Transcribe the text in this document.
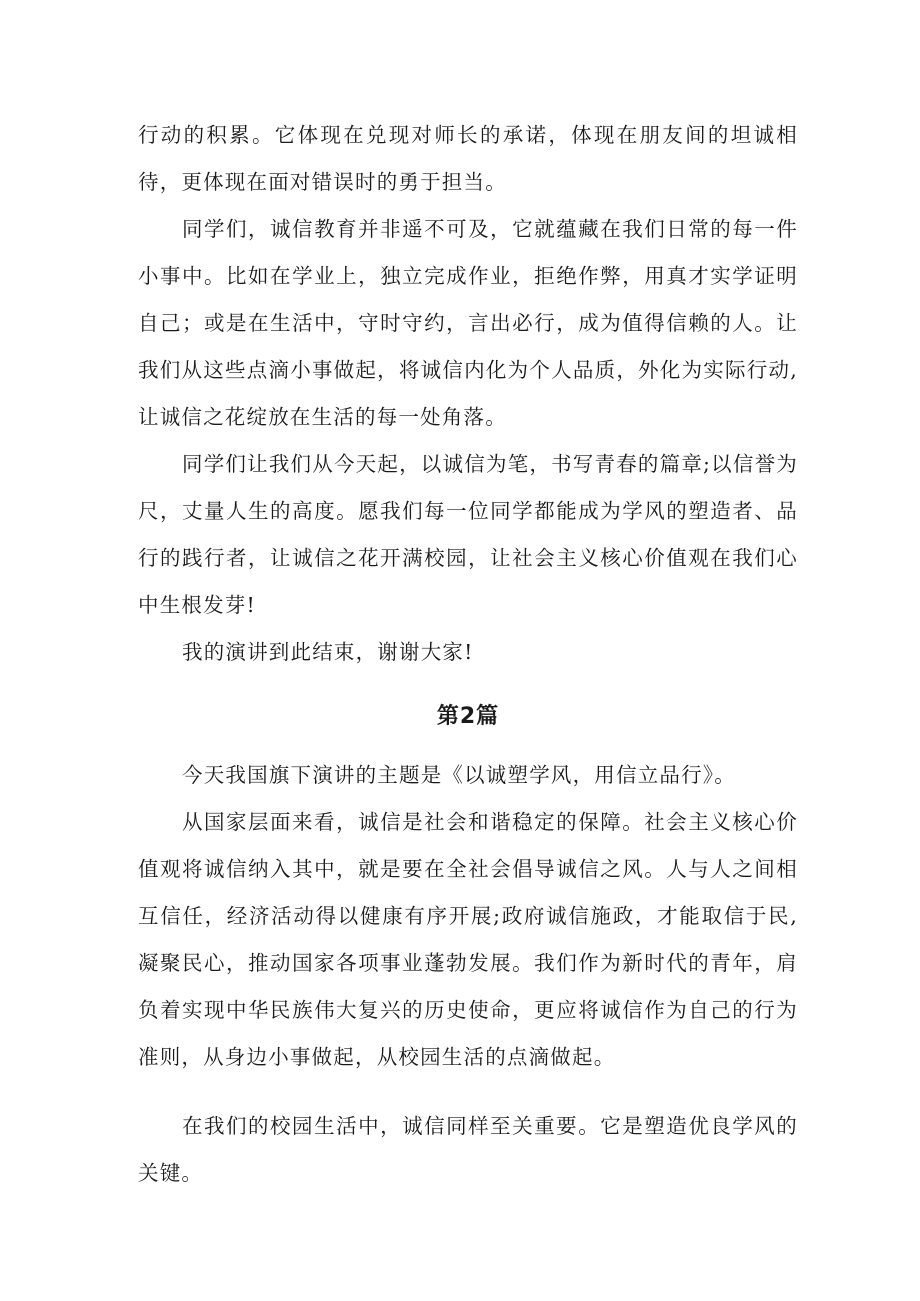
行动的积累。它体现在兑现对师长的承诺，体现在朋友间的坦诚相待，更体现在面对错误时的勇于担当。

同学们，诚信教育并非遥不可及，它就蕴藏在我们日常的每一件小事中。比如在学业上，独立完成作业，拒绝作弊，用真才实学证明自己；或是在生活中，守时守约，言出必行，成为值得信赖的人。让我们从这些点滴小事做起，将诚信内化为个人品质，外化为实际行动,让诚信之花绽放在生活的每一处角落。

同学们让我们从今天起，以诚信为笔，书写青春的篇章;以信誉为尺，丈量人生的高度。愿我们每一位同学都能成为学风的塑造者、品行的践行者，让诚信之花开满校园，让社会主义核心价值观在我们心中生根发芽!

我的演讲到此结束，谢谢大家!

第2篇

今天我国旗下演讲的主题是《以诚塑学风，用信立品行》。

从国家层面来看，诚信是社会和谐稳定的保障。社会主义核心价值观将诚信纳入其中，就是要在全社会倡导诚信之风。人与人之间相互信任，经济活动得以健康有序开展;政府诚信施政，才能取信于民,凝聚民心，推动国家各项事业蓬勃发展。我们作为新时代的青年，肩负着实现中华民族伟大复兴的历史使命，更应将诚信作为自己的行为准则，从身边小事做起，从校园生活的点滴做起。

在我们的校园生活中，诚信同样至关重要。它是塑造优良学风的关键。
